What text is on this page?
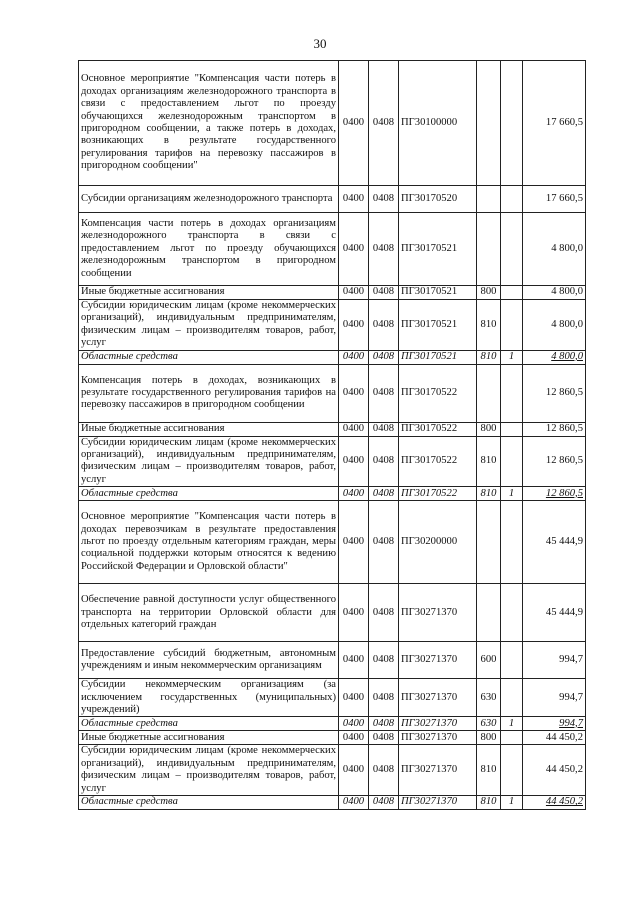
30
Основное мероприятие "Компенсация части потерь в доходах организациям железнодорожного транспорта в связи с предоставлением льгот по проезду обучающихся железнодорожным транспортом в пригородном сообщении, а также потерь в доходах, возникающих в результате государственного регулирования тарифов на перевозку пассажиров в пригородном сообщении"	0400	0408	ПГ30100000			17 660,5
Субсидии организациям железнодорожного транспорта	0400	0408	ПГ30170520			17 660,5
Компенсация части потерь в доходах организациям железнодорожного транспорта в связи с предоставлением льгот по проезду обучающихся железнодорожным транспортом в пригородном сообщении	0400	0408	ПГ30170521			4 800,0
Иные бюджетные ассигнования	0400	0408	ПГ30170521	800		4 800,0
Субсидии юридическим лицам (кроме некоммерческих организаций), индивидуальным предпринимателям, физическим лицам – производителям товаров, работ, услуг	0400	0408	ПГ30170521	810		4 800,0
Областные средства	0400	0408	ПГ30170521	810	1	4 800,0
Компенсация потерь в доходах, возникающих в результате государственного регулирования тарифов на перевозку пассажиров в пригородном сообщении	0400	0408	ПГ30170522			12 860,5
Иные бюджетные ассигнования	0400	0408	ПГ30170522	800		12 860,5
Субсидии юридическим лицам (кроме некоммерческих организаций), индивидуальным предпринимателям, физическим лицам – производителям товаров, работ, услуг	0400	0408	ПГ30170522	810		12 860,5
Областные средства	0400	0408	ПГ30170522	810	1	12 860,5
Основное мероприятие "Компенсация части потерь в доходах перевозчикам в результате предоставления льгот по проезду отдельным категориям граждан, меры социальной поддержки которым относятся к ведению Российской Федерации и Орловской области"	0400	0408	ПГ30200000			45 444,9
Обеспечение равной доступности услуг общественного транспорта на территории Орловской области для отдельных категорий граждан	0400	0408	ПГ30271370			45 444,9
Предоставление субсидий бюджетным, автономным учреждениям и иным некоммерческим организациям	0400	0408	ПГ30271370	600		994,7
Субсидии некоммерческим организациям (за исключением государственных (муниципальных) учреждений)	0400	0408	ПГ30271370	630		994,7
Областные средства	0400	0408	ПГ30271370	630	1	994,7
Иные бюджетные ассигнования	0400	0408	ПГ30271370	800		44 450,2
Субсидии юридическим лицам (кроме некоммерческих организаций), индивидуальным предпринимателям, физическим лицам – производителям товаров, работ, услуг	0400	0408	ПГ30271370	810		44 450,2
Областные средства	0400	0408	ПГ30271370	810	1	44 450,2
